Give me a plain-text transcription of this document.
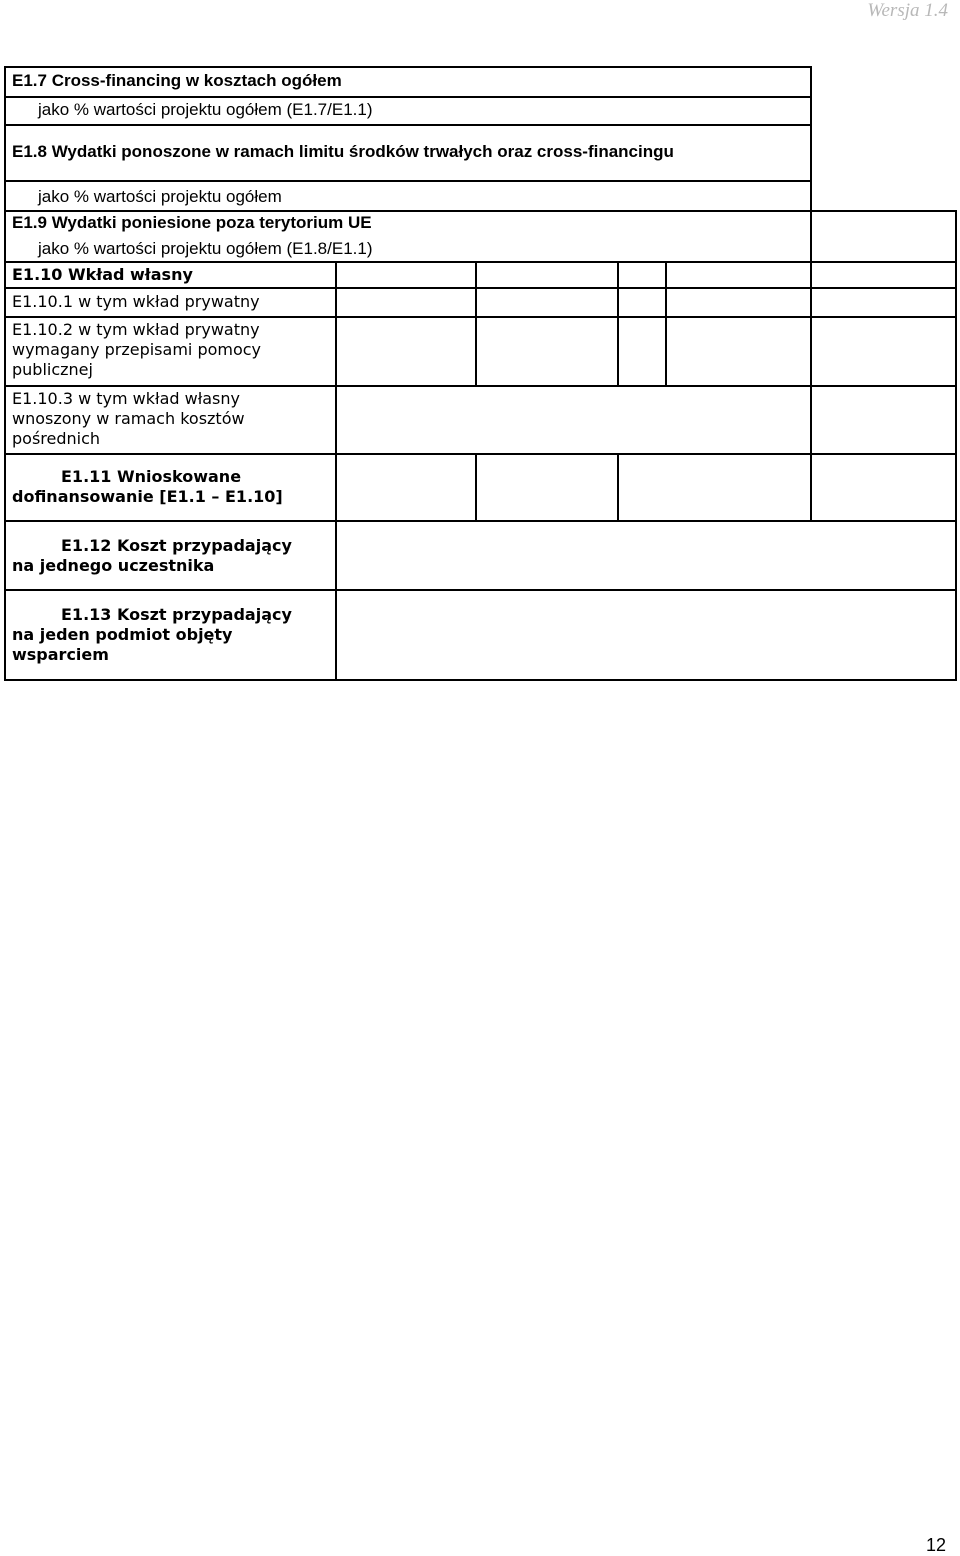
Wersja 1.4
E1.7 Cross-financing w kosztach ogółem
jako % wartości projektu ogółem (E1.7/E1.1)
E1.8 Wydatki ponoszone w ramach limitu środków trwałych oraz cross-financingu
jako % wartości projektu ogółem
E1.9 Wydatki poniesione poza terytorium UE
jako % wartości projektu ogółem (E1.8/E1.1)
E1.10 Wkład własny
E1.10.1 w tym wkład prywatny
E1.10.2 w tym wkład prywatny
wymagany przepisami pomocy
publicznej
E1.10.3 w tym wkład własny
wnoszony w ramach kosztów
pośrednich
E1.11 Wnioskowane
dofinansowanie [E1.1 – E1.10]
E1.12 Koszt przypadający
na jednego uczestnika
E1.13 Koszt przypadający
na jeden podmiot objęty
wsparciem
12
